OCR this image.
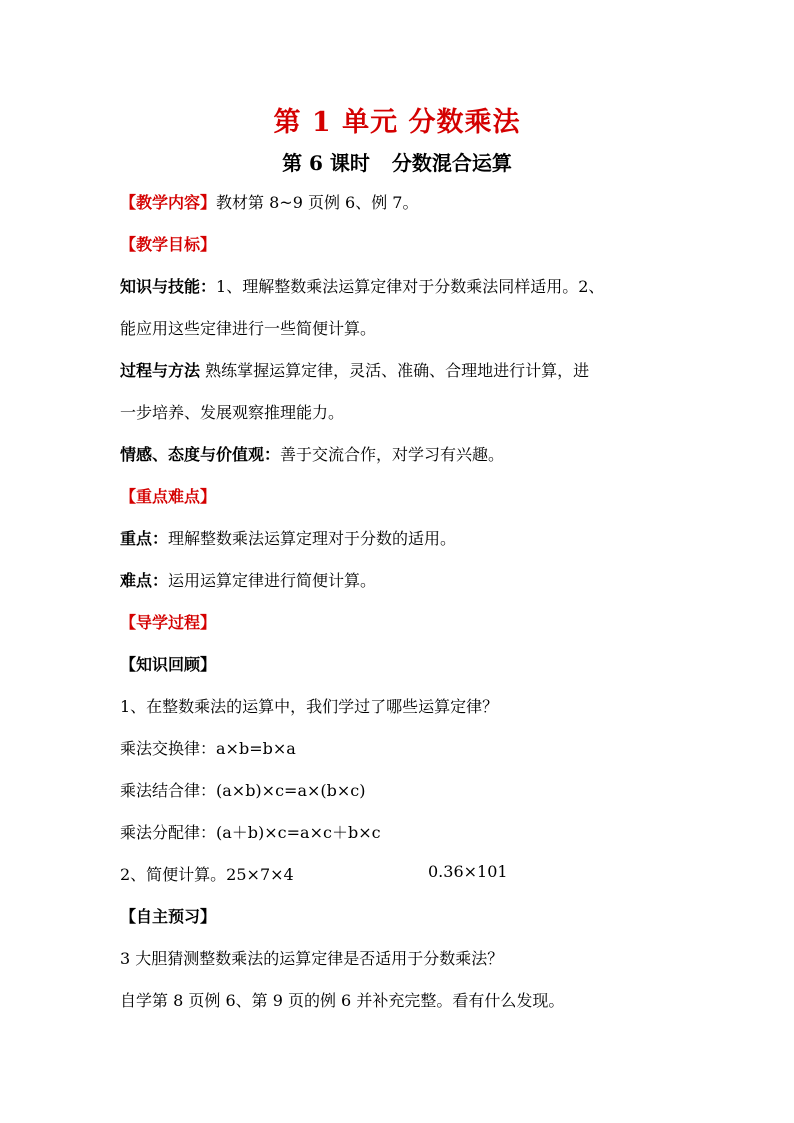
第 1 单元 分数乘法
第 6 课时 分数混合运算
【教学内容】教材第 8~9 页例 6、例 7。
【教学目标】
知识与技能：1、理解整数乘法运算定律对于分数乘法同样适用。2、
能应用这些定律进行一些简便计算。
过程与方法 熟练掌握运算定律，灵活、准确、合理地进行计算，进
一步培养、发展观察推理能力。
情感、态度与价值观：善于交流合作，对学习有兴趣。
【重点难点】
重点：理解整数乘法运算定理对于分数的适用。
难点：运用运算定律进行简便计算。
【导学过程】
【知识回顾】
1、在整数乘法的运算中，我们学过了哪些运算定律？
乘法交换律：a×b=b×a
乘法结合律：(a×b)×c=a×(b×c)
乘法分配律：(a＋b)×c=a×c＋b×c
2、简便计算。25×7×4	0.36×101
【自主预习】
3 大胆猜测整数乘法的运算定律是否适用于分数乘法？
自学第 8 页例 6、第 9 页的例 6 并补充完整。看有什么发现。
